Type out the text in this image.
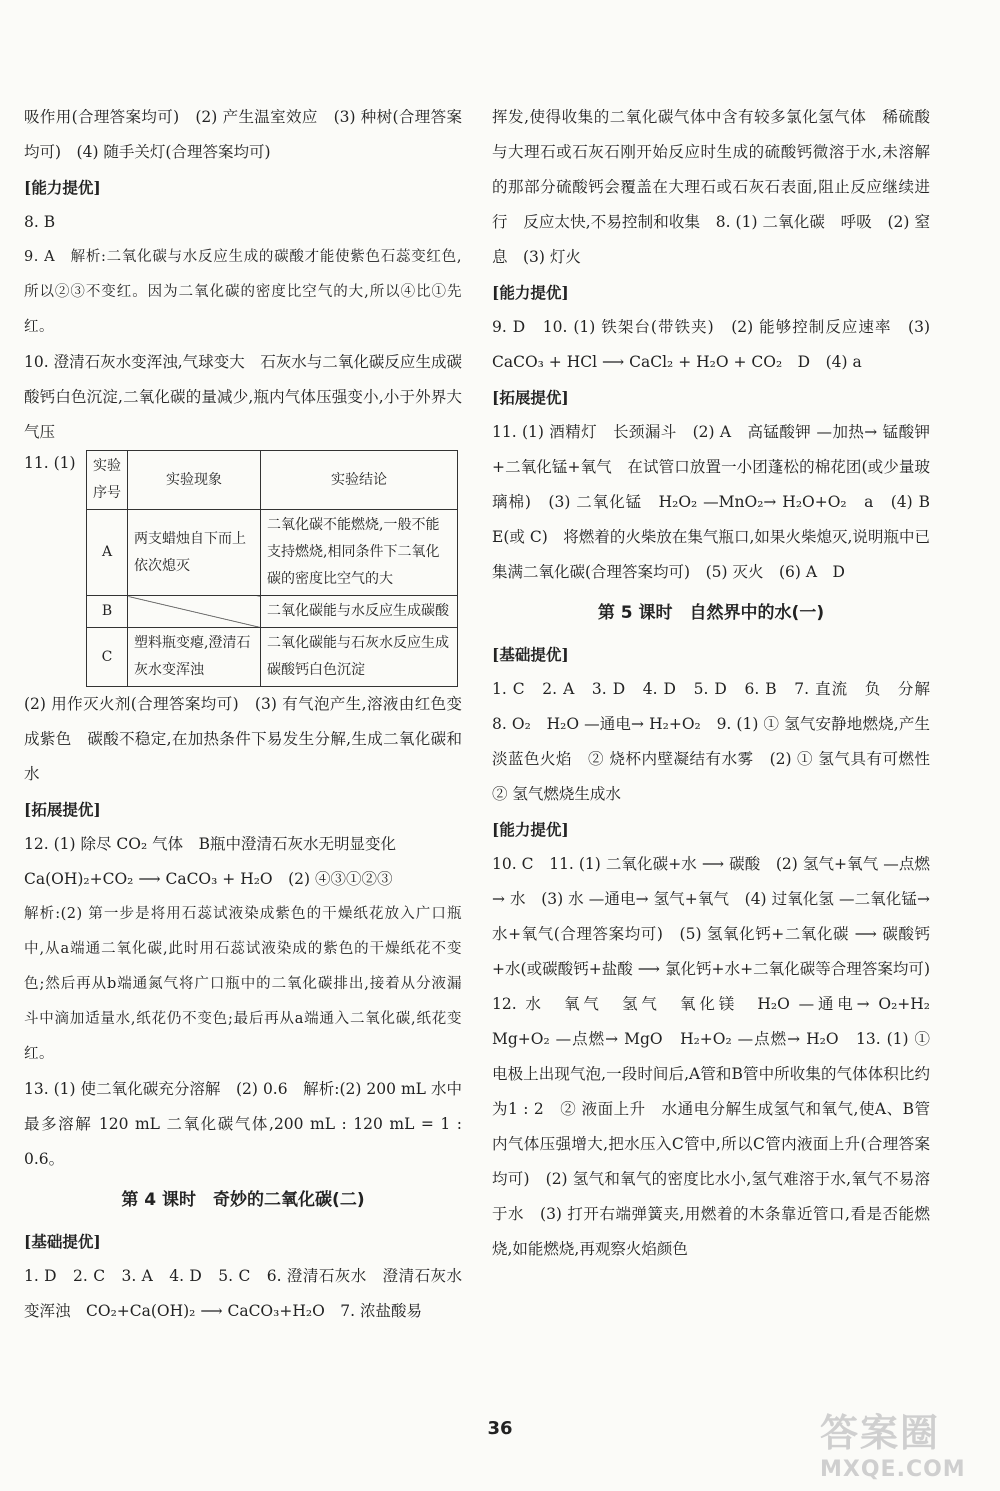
吸作用(合理答案均可)　(2) 产生温室效应　(3) 种树(合理答案均可)　(4) 随手关灯(合理答案均可)

[能力提优]

8. B

9. A　解析:二氧化碳与水反应生成的碳酸才能使紫色石蕊变红色,所以②③不变红。因为二氧化碳的密度比空气的大,所以④比①先红。

10. 澄清石灰水变浑浊,气球变大　石灰水与二氧化碳反应生成碳酸钙白色沉淀,二氧化碳的量减少,瓶内气体压强变小,小于外界大气压

11. (1) 实验序号	实验现象	实验结论
A	两支蜡烛自下而上依次熄灭	二氧化碳不能燃烧,一般不能支持燃烧,相同条件下二氧化碳的密度比空气的大
B		二氧化碳能与水反应生成碳酸
C	塑料瓶变瘪,澄清石灰水变浑浊	二氧化碳能与石灰水反应生成碳酸钙白色沉淀

(2) 用作灭火剂(合理答案均可)　(3) 有气泡产生,溶液由红色变成紫色　碳酸不稳定,在加热条件下易发生分解,生成二氧化碳和水

[拓展提优]

12. (1) 除尽 CO₂ 气体　B瓶中澄清石灰水无明显变化

Ca(OH)₂+CO₂ ⟶ CaCO₃ + H₂O　(2) ④③①②③

解析:(2) 第一步是将用石蕊试液染成紫色的干燥纸花放入广口瓶中,从a端通二氧化碳,此时用石蕊试液染成的紫色的干燥纸花不变色;然后再从b端通氮气将广口瓶中的二氧化碳排出,接着从分液漏斗中滴加适量水,纸花仍不变色;最后再从a端通入二氧化碳,纸花变红。

13. (1) 使二氧化碳充分溶解　(2) 0.6　解析:(2) 200 mL 水中最多溶解 120 mL 二氧化碳气体,200 mL : 120 mL = 1 : 0.6。

第 4 课时　奇妙的二氧化碳(二)

[基础提优]

1. D　2. C　3. A　4. D　5. C　6. 澄清石灰水　澄清石灰水变浑浊　CO₂+Ca(OH)₂ ⟶ CaCO₃+H₂O　7. 浓盐酸易

挥发,使得收集的二氧化碳气体中含有较多氯化氢气体　稀硫酸与大理石或石灰石刚开始反应时生成的硫酸钙微溶于水,未溶解的那部分硫酸钙会覆盖在大理石或石灰石表面,阻止反应继续进行　反应太快,不易控制和收集　8. (1) 二氧化碳　呼吸　(2) 窒息　(3) 灯火

[能力提优]

9. D　10. (1) 铁架台(带铁夹)　(2) 能够控制反应速率　(3) CaCO₃ + HCl ⟶ CaCl₂ + H₂O + CO₂　D　(4) a

[拓展提优]

11. (1) 酒精灯　长颈漏斗　(2) A　高锰酸钾 —加热→ 锰酸钾+二氧化锰+氧气　在试管口放置一小团蓬松的棉花团(或少量玻璃棉)　(3) 二氧化锰　H₂O₂ —MnO₂→ H₂O+O₂　a　(4) B　E(或 C)　将燃着的火柴放在集气瓶口,如果火柴熄灭,说明瓶中已集满二氧化碳(合理答案均可)　(5) 灭火　(6) A　D

第 5 课时　自然界中的水(一)

[基础提优]

1. C　2. A　3. D　4. D　5. D　6. B　7. 直流　负　分解　8. O₂　H₂O —通电→ H₂+O₂　9. (1) ① 氢气安静地燃烧,产生淡蓝色火焰　② 烧杯内壁凝结有水雾　(2) ① 氢气具有可燃性　② 氢气燃烧生成水

[能力提优]

10. C　11. (1) 二氧化碳+水 ⟶ 碳酸　(2) 氢气+氧气 —点燃→ 水　(3) 水 —通电→ 氢气+氧气　(4) 过氧化氢 —二氧化锰→ 水+氧气(合理答案均可)　(5) 氢氧化钙+二氧化碳 ⟶ 碳酸钙+水(或碳酸钙+盐酸 ⟶ 氯化钙+水+二氧化碳等合理答案均可)　12. 水　氧气　氢气　氧化镁　H₂O —通电→ O₂+H₂　Mg+O₂ —点燃→ MgO　H₂+O₂ —点燃→ H₂O　13. (1) ① 电极上出现气泡,一段时间后,A管和B管中所收集的气体体积比约为1 : 2　② 液面上升　水通电分解生成氢气和氧气,使A、B管内气体压强增大,把水压入C管中,所以C管内液面上升(合理答案均可)　(2) 氢气和氧气的密度比水小,氢气难溶于水,氧气不易溶于水　(3) 打开右端弹簧夹,用燃着的木条靠近管口,看是否能燃烧,如能燃烧,再观察火焰颜色

36	答案圈
MXQE.COM
